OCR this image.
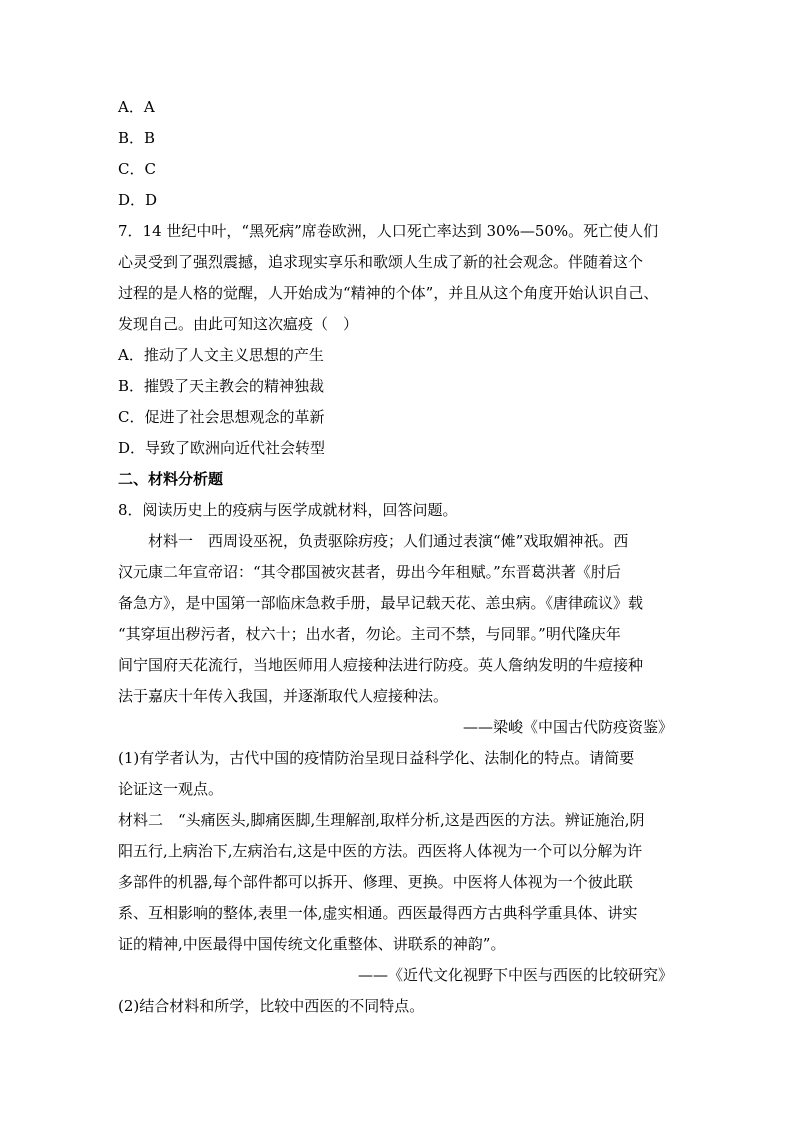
A．A
B．B
C．C
D．D
7．14 世纪中叶，“黑死病”席卷欧洲，人口死亡率达到 30%—50%。死亡使人们
心灵受到了强烈震撼，追求现实享乐和歌颂人生成了新的社会观念。伴随着这个
过程的是人格的觉醒，人开始成为“精神的个体”，并且从这个角度开始认识自己、
发现自己。由此可知这次瘟疫（　）
A．推动了人文主义思想的产生
B．摧毁了天主教会的精神独裁
C．促进了社会思想观念的革新
D．导致了欧洲向近代社会转型
二、材料分析题
8．阅读历史上的疫病与医学成就材料，回答问题。
材料一　西周设巫祝，负责驱除疠疫；人们通过表演“傩”戏取媚神祇。西
汉元康二年宣帝诏：“其令郡国被灾甚者，毋出今年租赋。”东晋葛洪著《肘后
备急方》，是中国第一部临床急救手册，最早记载天花、恙虫病。《唐律疏议》载
“其穿垣出秽污者，杖六十；出水者，勿论。主司不禁，与同罪。”明代隆庆年
间宁国府天花流行，当地医师用人痘接种法进行防疫。英人詹纳发明的牛痘接种
法于嘉庆十年传入我国，并逐渐取代人痘接种法。
——梁峻《中国古代防疫资鉴》
(1)有学者认为，古代中国的疫情防治呈现日益科学化、法制化的特点。请简要
论证这一观点。
材料二　“头痛医头,脚痛医脚,生理解剖,取样分析,这是西医的方法。辨证施治,阴
阳五行,上病治下,左病治右,这是中医的方法。西医将人体视为一个可以分解为许
多部件的机器,每个部件都可以拆开、修理、更换。中医将人体视为一个彼此联
系、互相影响的整体,表里一体,虚实相通。西医最得西方古典科学重具体、讲实
证的精神,中医最得中国传统文化重整体、讲联系的神韵”。
——《近代文化视野下中医与西医的比较研究》
(2)结合材料和所学，比较中西医的不同特点。
